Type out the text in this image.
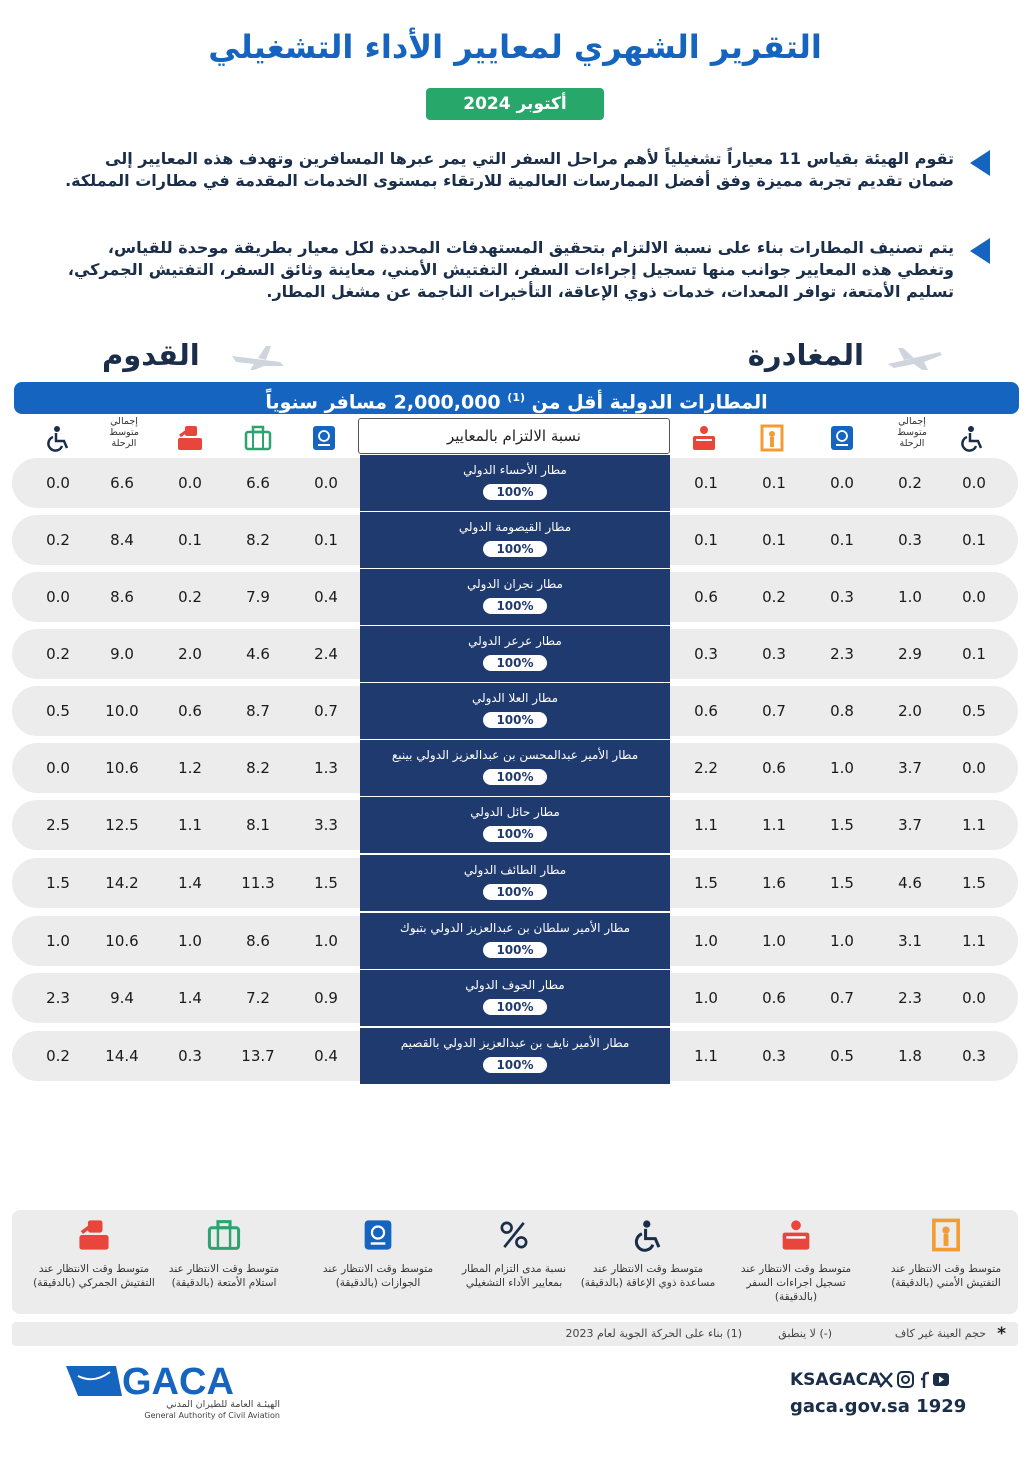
التقرير الشهري لمعايير الأداء التشغيلي
أكتوبر 2024
تقوم الهيئة بقياس 11 معياراً تشغيلياً لأهم مراحل السفر التي يمر عبرها المسافرين وتهدف هذه المعايير إلى ضمان تقديم تجربة مميزة وفق أفضل الممارسات العالمية للارتقاء بمستوى الخدمات المقدمة في مطارات المملكة.
يتم تصنيف المطارات بناء على نسبة الالتزام بتحقيق المستهدفات المحددة لكل معيار بطريقة موحدة للقياس، وتغطي هذه المعايير جوانب منها تسجيل إجراءات السفر، التفتيش الأمني، معاينة وثائق السفر، التفتيش الجمركي، تسليم الأمتعة، توافر المعدات، خدمات ذوي الإعاقة، التأخيرات الناجمة عن مشغل المطار.
المغادرة
القدوم
المطارات الدولية أقل من $^{(1)}$ 2,000,000 مسافر سنوياً
إجمالي متوسط الرحلة	نسبة الالتزام بالمعايير
إجمالي متوسط الرحلة
0.0	6.6	0.0	6.6	0.0	0.1	0.1	0.0	0.2	0.0
مطار الأحساء الدولي
100%
0.2	8.4	0.1	8.2	0.1	0.1	0.1	0.1	0.3	0.1
مطار القيصومة الدولي
100%
0.0	8.6	0.2	7.9	0.4	0.6	0.2	0.3	1.0	0.0
مطار نجران الدولي
100%
0.2	9.0	2.0	4.6	2.4	0.3	0.3	2.3	2.9	0.1
مطار عرعر الدولي
100%
0.5	10.0	0.6	8.7	0.7	0.6	0.7	0.8	2.0	0.5
مطار العلا الدولي
100%
0.0	10.6	1.2	8.2	1.3	2.2	0.6	1.0	3.7	0.0
مطار الأمير عبدالمحسن بن عبدالعزيز الدولي بينبع
100%
2.5	12.5	1.1	8.1	3.3	1.1	1.1	1.5	3.7	1.1
مطار حائل الدولي
100%
1.5	14.2	1.4	11.3	1.5	1.5	1.6	1.5	4.6	1.5
مطار الطائف الدولي
100%
1.0	10.6	1.0	8.6	1.0	1.0	1.0	1.0	3.1	1.1
مطار الأمير سلطان بن عبدالعزيز الدولي بتبوك
100%
2.3	9.4	1.4	7.2	0.9	1.0	0.6	0.7	2.3	0.0
مطار الجوف الدولي
100%
0.2	14.4	0.3	13.7	0.4	1.1	0.3	0.5	1.8	0.3
مطار الأمير نايف بن عبدالعزيز الدولي بالقصيم
100%
متوسط وقت الانتظار عند التفتيش الجمركي (بالدقيقة)
متوسط وقت الانتظار عند استلام الأمتعة (بالدقيقة)
متوسط وقت الانتظار عند الجوازات (بالدقيقة)
نسبة مدى التزام المطار بمعايير الأداء التشغيلي
متوسط وقت الانتظار عند مساعدة ذوي الإعاقة (بالدقيقة)
متوسط وقت الانتظار عند تسجيل اجراءات السفر (بالدقيقة)
متوسط وقت الانتظار عند التفتيش الأمني (بالدقيقة)
*
حجم العينة غير كاف
(-) لا ينطبق
(1) بناء على الحركة الجوية لعام 2023
GACA
الهيئـة العامة للطيران المدني
General Authority of Civil Aviation
KSAGACA
gaca.gov.sa 1929
